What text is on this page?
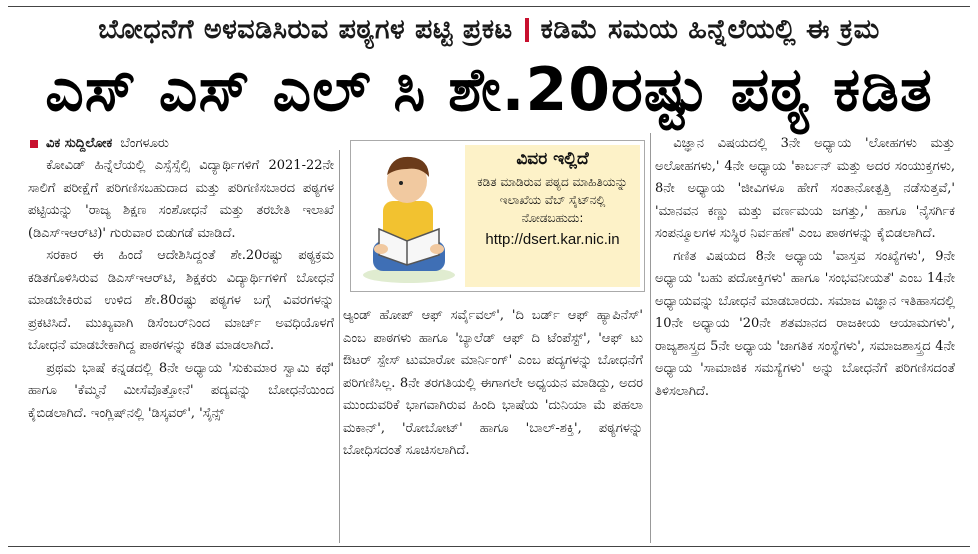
ಬೋಧನೆಗೆ ಅಳವಡಿಸಿರುವ ಪಠ್ಯಗಳ ಪಟ್ಟಿ ಪ್ರಕಟ ಕಡಿಮೆ ಸಮಯ ಹಿನ್ನೆಲೆಯಲ್ಲಿ ಈ ಕ್ರಮ
ಎಸ್ ಎಸ್ ಎಲ್ ಸಿ ಶೇ.20ರಷ್ಟು ಪಠ್ಯ ಕಡಿತ
ವಿಕ ಸುದ್ದಿಲೋಕ ಬೆಂಗಳೂರು

ಕೋವಿಡ್ ಹಿನ್ನೆಲೆಯಲ್ಲಿ ಎಸ್ಸೆಸ್ಸೆಲ್ಸಿ ವಿದ್ಯಾರ್ಥಿಗಳಿಗೆ 2021-22ನೇ ಸಾಲಿಗೆ ಪರೀಕ್ಷೆಗೆ ಪರಿಗಣಿಸಬಹುದಾದ ಮತ್ತು ಪರಿಗಣಿಸಬಾರದ ಪಠ್ಯಗಳ ಪಟ್ಟಿಯನ್ನು 'ರಾಜ್ಯ ಶಿಕ್ಷಣ ಸಂಶೋಧನೆ ಮತ್ತು ತರಬೇತಿ ಇಲಾಖೆ (ಡಿಎಸ್ಇಆರ್‌ಟಿ)' ಗುರುವಾರ ಬಿಡುಗಡೆ ಮಾಡಿದೆ.

ಸರಕಾರ ಈ ಹಿಂದೆ ಆದೇಶಿಸಿದ್ದಂತೆ ಶೇ.20ರಷ್ಟು ಪಠ್ಯಕ್ರಮ ಕಡಿತಗೊಳಿಸಿರುವ ಡಿಎಸ್ಇಆರ್‌ಟಿ, ಶಿಕ್ಷಕರು ವಿದ್ಯಾರ್ಥಿಗಳಿಗೆ ಬೋಧನೆ ಮಾಡಬೇಕಿರುವ ಉಳಿದ ಶೇ.80ರಷ್ಟು ಪಠ್ಯಗಳ ಬಗ್ಗೆ ವಿವರಗಳನ್ನು ಪ್ರಕಟಿಸಿದೆ. ಮುಖ್ಯವಾಗಿ ಡಿಸೆಂಬರ್‌ನಿಂದ ಮಾರ್ಚ್ ಅವಧಿಯೊಳಗೆ ಬೋಧನೆ ಮಾಡಬೇಕಾಗಿದ್ದ ಪಾಠಗಳನ್ನು ಕಡಿತ ಮಾಡಲಾಗಿದೆ.

ಪ್ರಥಮ ಭಾಷೆ ಕನ್ನಡದಲ್ಲಿ 8ನೇ ಅಧ್ಯಾಯ 'ಸುಕುಮಾರ ಸ್ವಾಮಿ ಕಥೆ' ಹಾಗೂ 'ಕೆಮ್ಮನೆ ಮೀಸೆವೊತ್ತೋನೆ' ಪದ್ಯವನ್ನು ಬೋಧನೆಯಿಂದ ಕೈಬಿಡಲಾಗಿದೆ. ಇಂಗ್ಲಿಷ್‌ನಲ್ಲಿ 'ಡಿಸ್ಕವರ್', 'ಸೈನ್ಸ್

ವಿವರ ಇಲ್ಲಿದೆ
ಕಡಿತ ಮಾಡಿರುವ ಪಠ್ಯದ ಮಾಹಿತಿಯನ್ನು ಇಲಾಖೆಯ ವೆಬ್ ಸೈಟ್‌ನಲ್ಲಿ ನೋಡಬಹುದು:
http://dsert.kar.nic.in

ಆ್ಯಂಡ್ ಹೋಪ್ ಆಫ್ ಸರ್ವೈವಲ್', 'ದಿ ಬರ್ಡ್ ಆಫ್ ಹ್ಯಾಪಿನೆಸ್' ಎಂಬ ಪಾಠಗಳು ಹಾಗೂ 'ಬ್ಯಾಲೆಡ್ ಆಫ್ ದಿ ಟೆಂಪೆಸ್ಟ್', 'ಆಫ್ ಟು ಔಟರ್ ಸ್ಪೇಸ್ ಟುಮಾರೋ ಮಾರ್ನಿಂಗ್' ಎಂಬ ಪದ್ಯಗಳನ್ನು ಬೋಧನೆಗೆ ಪರಿಗಣಿಸಿಲ್ಲ. 8ನೇ ತರಗತಿಯಲ್ಲಿ ಈಗಾಗಲೇ ಅಧ್ಯಯನ ಮಾಡಿದ್ದು, ಅದರ ಮುಂದುವರಿಕೆ ಭಾಗವಾಗಿರುವ ಹಿಂದಿ ಭಾಷೆಯ 'ದುನಿಯಾ ಮೆ ಪಹಲಾ ಮಕಾನ್', 'ರೋಬೋಟ್' ಹಾಗೂ 'ಬಾಲ್-ಶಕ್ತಿ', ಪಠ್ಯಗಳನ್ನು ಬೋಧಿಸದಂತೆ ಸೂಚಿಸಲಾಗಿದೆ.

ವಿಜ್ಞಾನ ವಿಷಯದಲ್ಲಿ 3ನೇ ಅಧ್ಯಾಯ 'ಲೋಹಗಳು ಮತ್ತು ಅಲೋಹಗಳು,' 4ನೇ ಅಧ್ಯಾಯ 'ಕಾರ್ಬನ್ ಮತ್ತು ಅದರ ಸಂಯುಕ್ತಗಳು, 8ನೇ ಅಧ್ಯಾಯ 'ಜೀವಿಗಳೂ ಹೇಗೆ ಸಂತಾನೋತ್ಪತ್ತಿ ನಡೆಸುತ್ತವೆ,' 'ಮಾನವನ ಕಣ್ಣು ಮತ್ತು ವರ್ಣಮಯ ಜಗತ್ತು,' ಹಾಗೂ 'ನೈಸರ್ಗಿಕ ಸಂಪನ್ಮೂಲಗಳ ಸುಸ್ಥಿರ ನಿರ್ವಹಣೆ' ಎಂಬ ಪಾಠಗಳನ್ನು ಕೈಬಿಡಲಾಗಿದೆ.

ಗಣಿತ ವಿಷಯದ 8ನೇ ಅಧ್ಯಾಯ 'ವಾಸ್ತವ ಸಂಖ್ಯೆಗಳು', 9ನೇ ಅಧ್ಯಾಯ 'ಬಹು ಪದೋಕ್ತಿಗಳು' ಹಾಗೂ 'ಸಂಭವನೀಯತೆ' ಎಂಬ 14ನೇ ಅಧ್ಯಾಯವನ್ನು ಬೋಧನೆ ಮಾಡಬಾರದು. ಸಮಾಜ ವಿಜ್ಞಾನ ಇತಿಹಾಸದಲ್ಲಿ 10ನೇ ಅಧ್ಯಾಯ '20ನೇ ಶತಮಾನದ ರಾಜಕೀಯ ಆಯಾಮಗಳು', ರಾಜ್ಯಶಾಸ್ತ್ರದ 5ನೇ ಅಧ್ಯಾಯ 'ಜಾಗತಿಕ ಸಂಸ್ಥೆಗಳು', ಸಮಾಜಶಾಸ್ತ್ರದ 4ನೇ ಅಧ್ಯಾಯ 'ಸಾಮಾಜಿಕ ಸಮಸ್ಯೆಗಳು' ಅನ್ನು ಬೋಧನೆಗೆ ಪರಿಗಣಿಸದಂತೆ ತಿಳಿಸಲಾಗಿದೆ.
